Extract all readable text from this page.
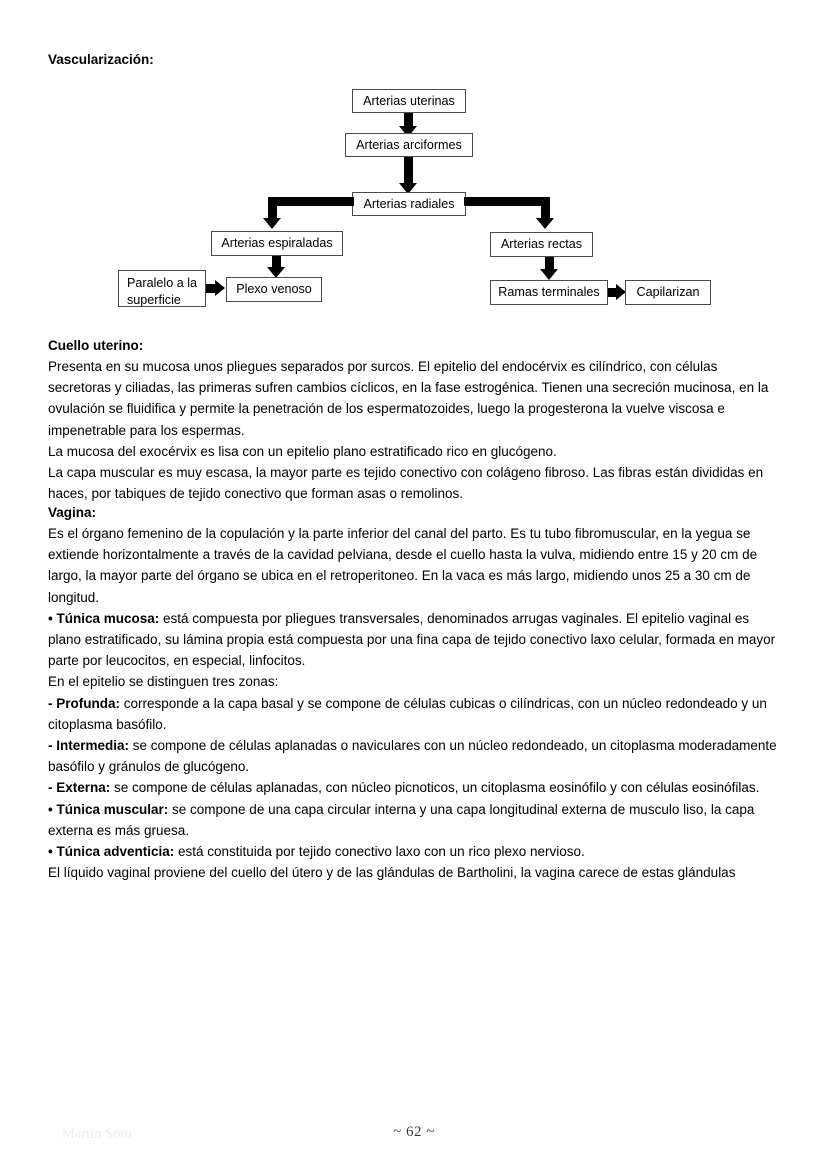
Vascularización:
Arterias uterinas
Arterias arciformes
Arterias radiales
Arterias espiraladas	Arterias rectas
Paralelo a la
superficie
Plexo venoso	Ramas terminales	Capilarizan
Cuello uterino:

Presenta en su mucosa unos pliegues separados por surcos. El epitelio del endocérvix es cilíndrico, con células secretoras y ciliadas, las primeras sufren cambios cíclicos, en la fase estrogénica. Tienen una secreción mucinosa, en la ovulación se fluidifica y permite la penetración de los espermatozoides, luego la progesterona la vuelve viscosa e impenetrable para los espermas.

La mucosa del exocérvix es lisa con un epitelio plano estratificado rico en glucógeno.

La capa muscular es muy escasa, la mayor parte es tejido conectivo con colágeno fibroso. Las fibras están divididas en haces, por tabiques de tejido conectivo que forman asas o remolinos.

Vagina:

Es el órgano femenino de la copulación y la parte inferior del canal del parto. Es tu tubo fibromuscular, en la yegua se extiende horizontalmente a través de la cavidad pelviana, desde el cuello hasta la vulva, midiendo entre 15 y 20 cm de largo, la mayor parte del órgano se ubica en el retroperitoneo. En la vaca es más largo, midiendo unos 25 a 30 cm de longitud.

• Túnica mucosa: está compuesta por pliegues transversales, denominados arrugas vaginales. El epitelio vaginal es plano estratificado, su lámina propia está compuesta por una fina capa de tejido conectivo laxo celular, formada en mayor parte por leucocitos, en especial, linfocitos.

En el epitelio se distinguen tres zonas:

- Profunda: corresponde a la capa basal y se compone de células cubicas o cilíndricas, con un núcleo redondeado y un citoplasma basófilo.

- Intermedia: se compone de células aplanadas o naviculares con un núcleo redondeado, un citoplasma moderadamente basófilo y gránulos de glucógeno.

- Externa: se compone de células aplanadas, con núcleo picnoticos, un citoplasma eosinófilo y con células eosinófilas.

• Túnica muscular: se compone de una capa circular interna y una capa longitudinal externa de musculo liso, la capa externa es más gruesa.

• Túnica adventicia: está constituida por tejido conectivo laxo con un rico plexo nervioso.

El líquido vaginal proviene del cuello del útero y de las glándulas de Bartholini, la vagina carece de estas glándulas

Martin Soto	~ 62 ~
